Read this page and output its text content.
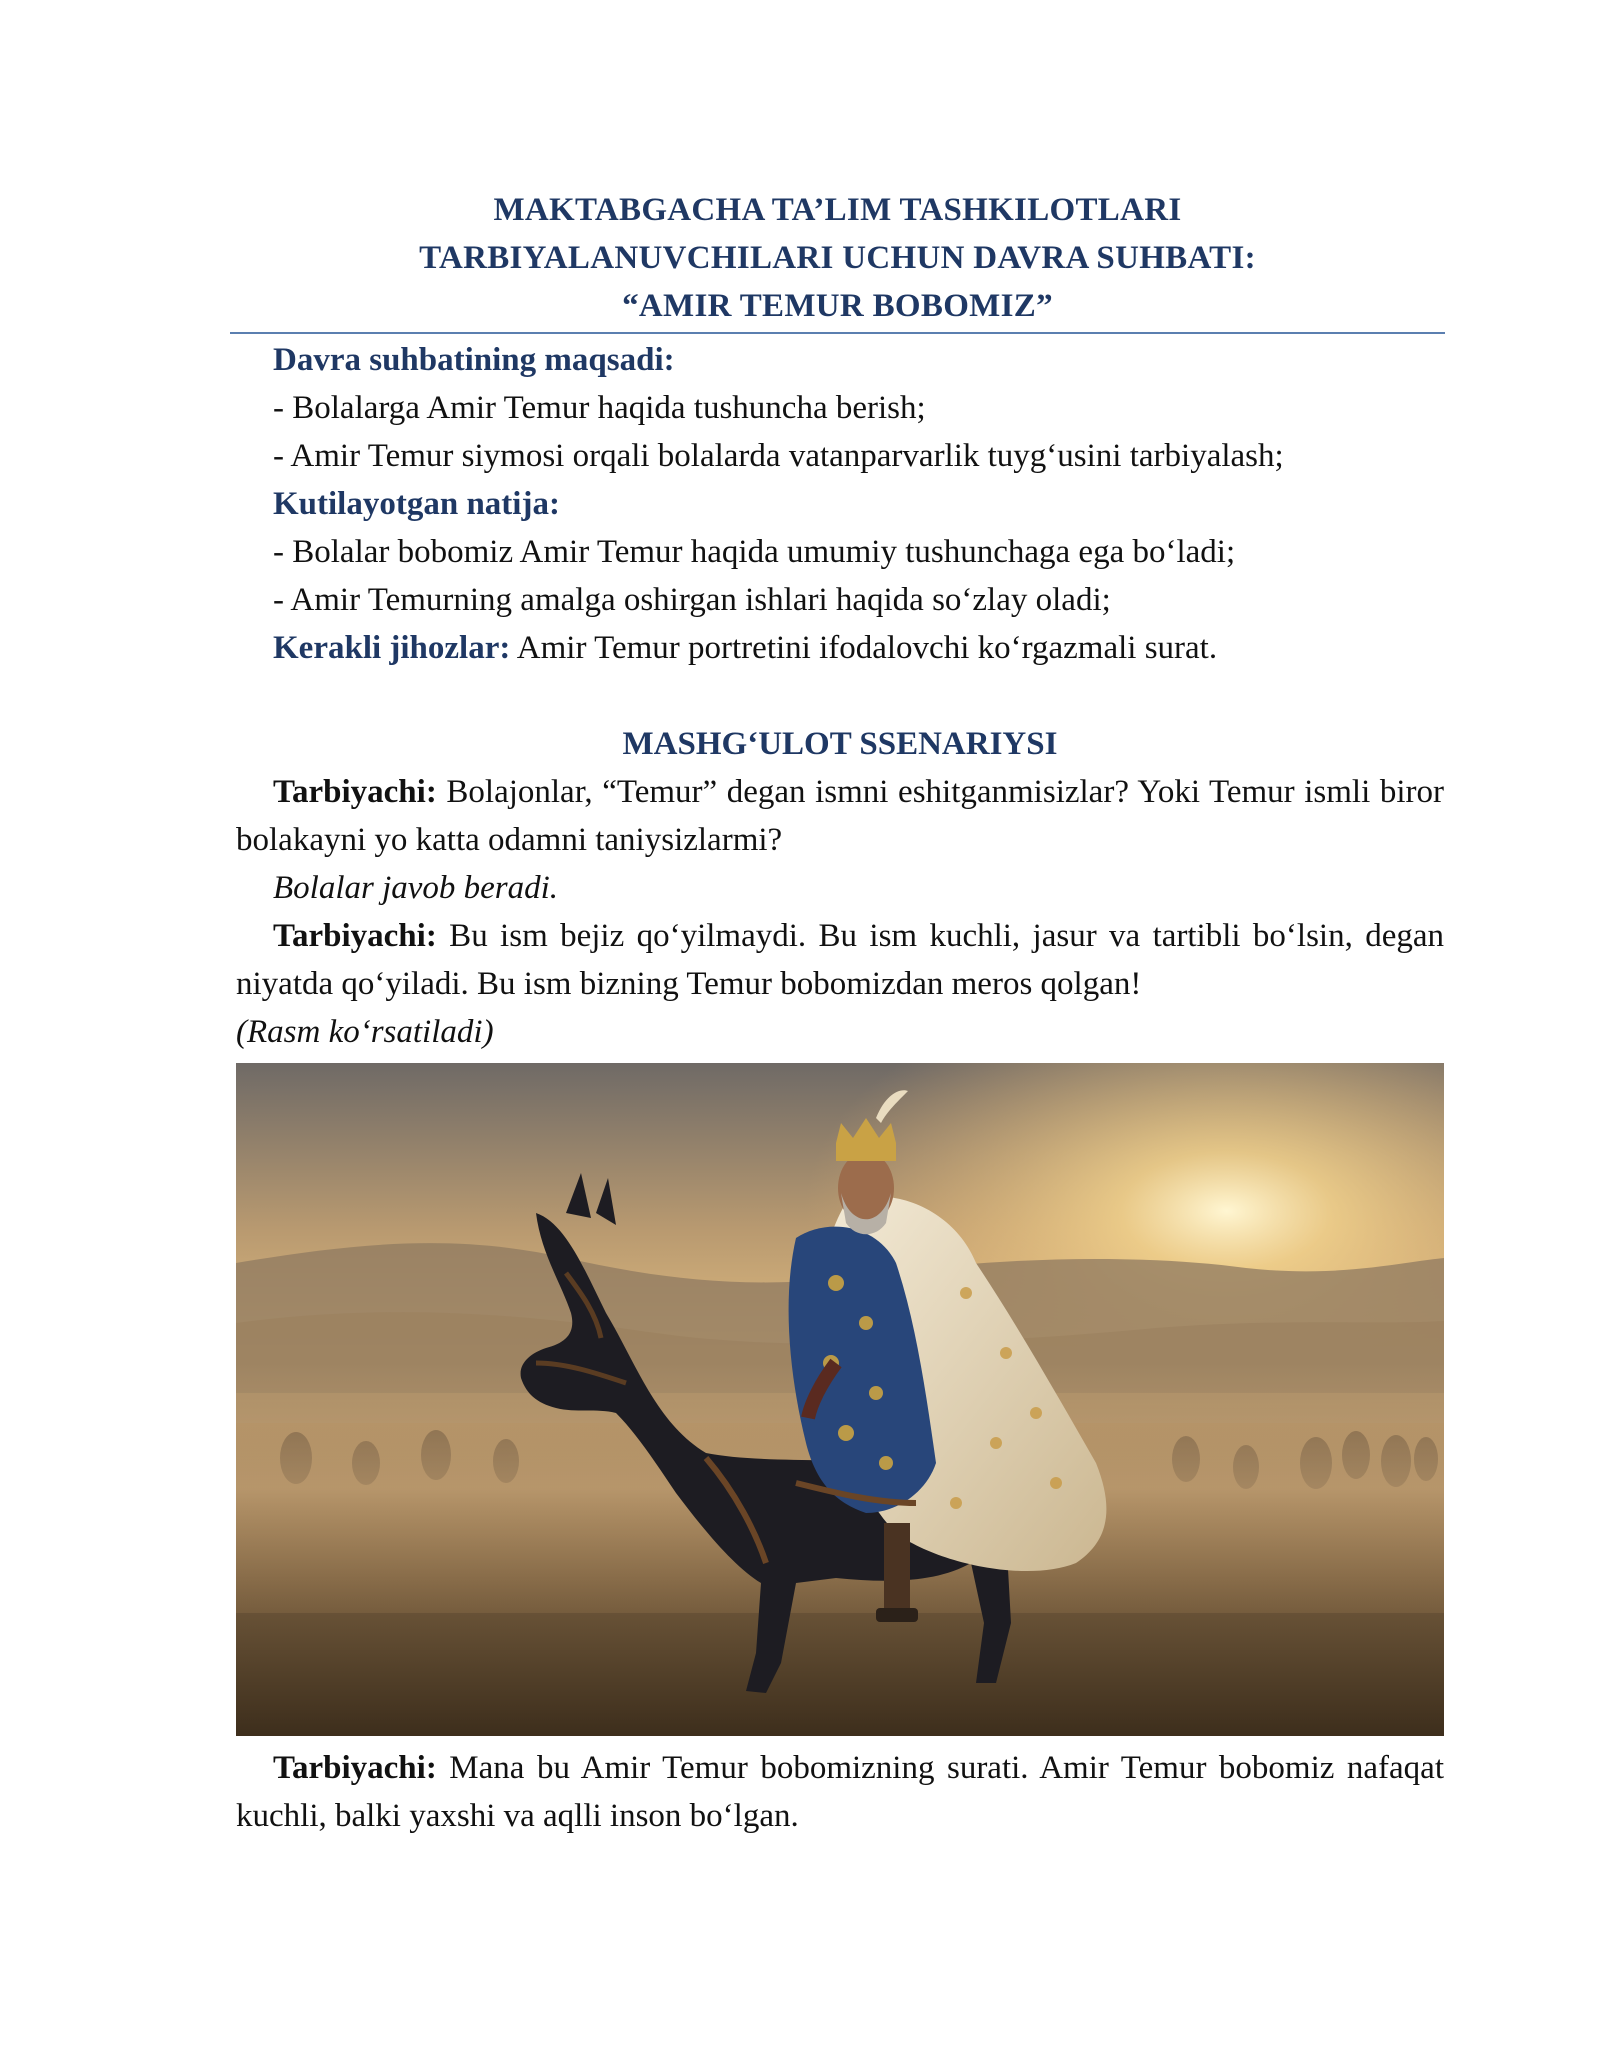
MAKTABGACHA TA’LIM TASHKILOTLARI
TARBIYALANUVCHILARI UCHUN DAVRA SUHBATI:
“AMIR TEMUR BOBOMIZ”

Davra suhbatining maqsadi:

- Bolalarga Amir Temur haqida tushuncha berish;

- Amir Temur siymosi orqali bolalarda vatanparvarlik tuyg‘usini tarbiyalash;

Kutilayotgan natija:

- Bolalar bobomiz Amir Temur haqida umumiy tushunchaga ega bo‘ladi;

- Amir Temurning amalga oshirgan ishlari haqida so‘zlay oladi;

Kerakli jihozlar: Amir Temur portretini ifodalovchi ko‘rgazmali surat.

MASHG‘ULOT SSENARIYSI

Tarbiyachi: Bolajonlar, “Temur” degan ismni eshitganmisizlar? Yoki Temur ismli biror bolakayni yo katta odamni taniysizlarmi?

Bolalar javob beradi.

Tarbiyachi: Bu ism bejiz qo‘yilmaydi. Bu ism kuchli, jasur va tartibli bo‘lsin, degan niyatda qo‘yiladi. Bu ism bizning Temur bobomizdan meros qolgan!

(Rasm ko‘rsatiladi)

Tarbiyachi: Mana bu Amir Temur bobomizning surati. Amir Temur bobomiz nafaqat kuchli, balki yaxshi va aqlli inson bo‘lgan.
